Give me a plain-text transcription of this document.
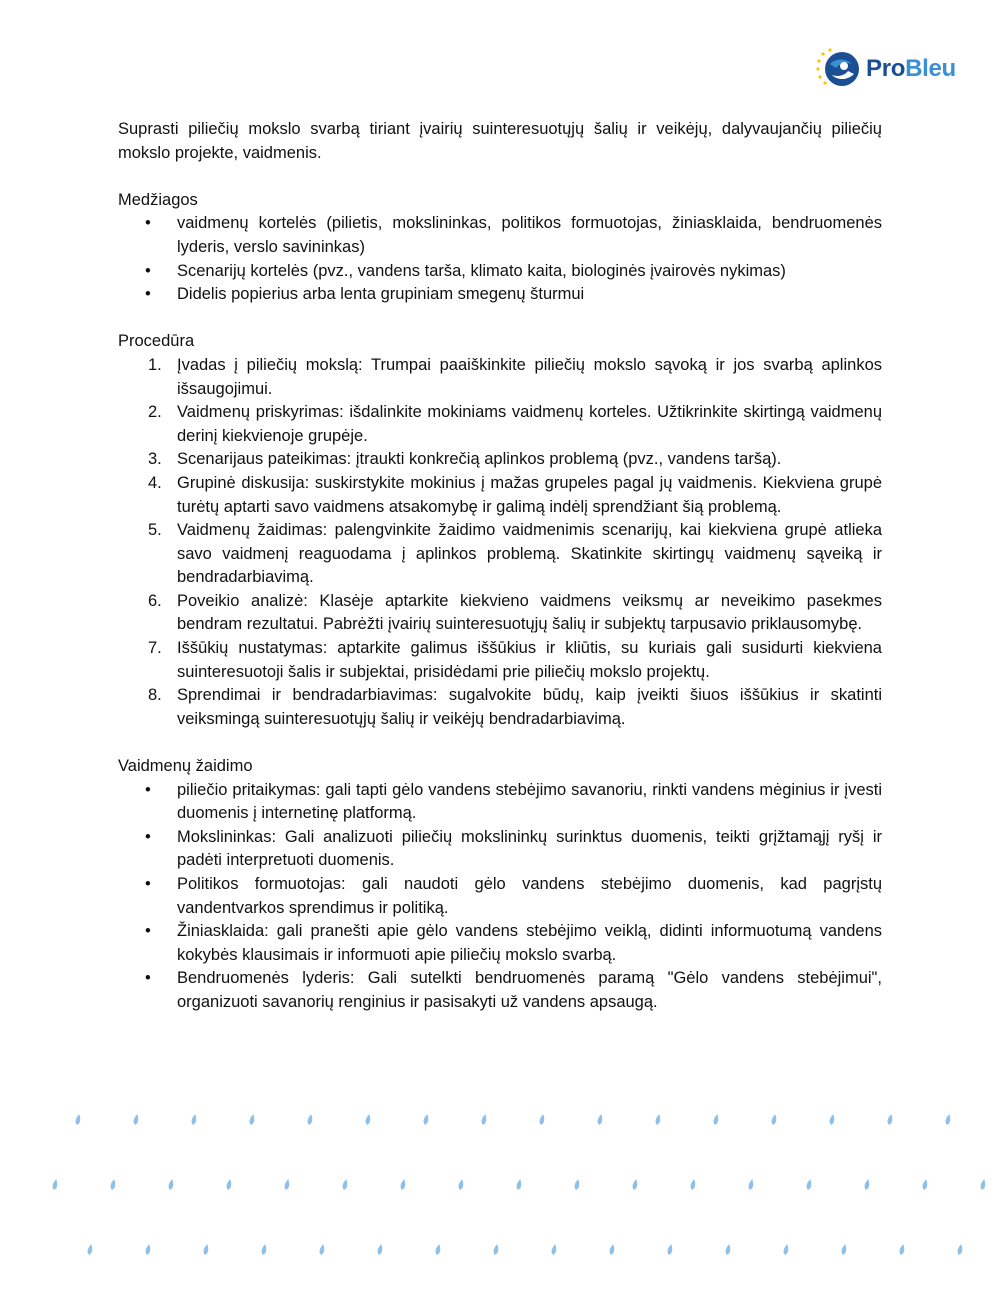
ProBleu

Suprasti piliečių mokslo svarbą tiriant įvairių suinteresuotųjų šalių ir veikėjų, dalyvaujančių piliečių mokslo projekte, vaidmenis.

Medžiagos

• vaidmenų kortelės (pilietis, mokslininkas, politikos formuotojas, žiniasklaida, bendruomenės lyderis, verslo savininkas)
• Scenarijų kortelės (pvz., vandens tarša, klimato kaita, biologinės įvairovės nykimas)
• Didelis popierius arba lenta grupiniam smegenų šturmui

Procedūra

1. Įvadas į piliečių mokslą: Trumpai paaiškinkite piliečių mokslo sąvoką ir jos svarbą aplinkos išsaugojimui.
2. Vaidmenų priskyrimas: išdalinkite mokiniams vaidmenų korteles. Užtikrinkite skirtingą vaidmenų derinį kiekvienoje grupėje.
3. Scenarijaus pateikimas: įtraukti konkrečią aplinkos problemą (pvz., vandens taršą).
4. Grupinė diskusija: suskirstykite mokinius į mažas grupeles pagal jų vaidmenis. Kiekviena grupė turėtų aptarti savo vaidmens atsakomybę ir galimą indėlį sprendžiant šią problemą.
5. Vaidmenų žaidimas: palengvinkite žaidimo vaidmenimis scenarijų, kai kiekviena grupė atlieka savo vaidmenį reaguodama į aplinkos problemą. Skatinkite skirtingų vaidmenų sąveiką ir bendradarbiavimą.
6. Poveikio analizė: Klasėje aptarkite kiekvieno vaidmens veiksmų ar neveikimo pasekmes bendram rezultatui. Pabrėžti įvairių suinteresuotųjų šalių ir subjektų tarpusavio priklausomybę.
7. Iššūkių nustatymas: aptarkite galimus iššūkius ir kliūtis, su kuriais gali susidurti kiekviena suinteresuotoji šalis ir subjektai, prisidėdami prie piliečių mokslo projektų.
8. Sprendimai ir bendradarbiavimas: sugalvokite būdų, kaip įveikti šiuos iššūkius ir skatinti veiksmingą suinteresuotųjų šalių ir veikėjų bendradarbiavimą.

Vaidmenų žaidimo

• piliečio pritaikymas: gali tapti gėlo vandens stebėjimo savanoriu, rinkti vandens mėginius ir įvesti duomenis į internetinę platformą.
• Mokslininkas: Gali analizuoti piliečių mokslininkų surinktus duomenis, teikti grįžtamąjį ryšį ir padėti interpretuoti duomenis.
• Politikos formuotojas: gali naudoti gėlo vandens stebėjimo duomenis, kad pagrįstų vandentvarkos sprendimus ir politiką.
• Žiniasklaida: gali pranešti apie gėlo vandens stebėjimo veiklą, didinti informuotumą vandens kokybės klausimais ir informuoti apie piliečių mokslo svarbą.
• Bendruomenės lyderis: Gali sutelkti bendruomenės paramą "Gėlo vandens stebėjimui", organizuoti savanorių renginius ir pasisakyti už vandens apsaugą.
